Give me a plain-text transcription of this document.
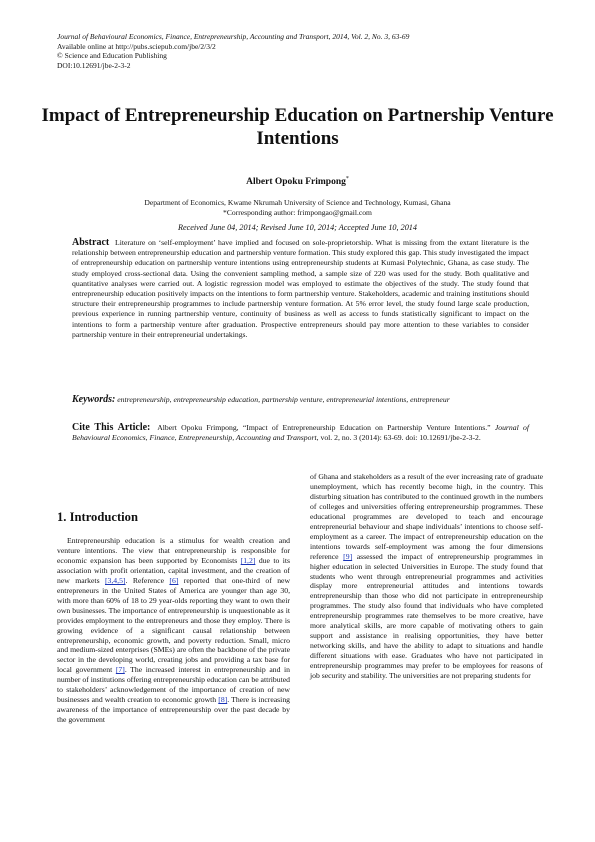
Journal of Behavioural Economics, Finance, Entrepreneurship, Accounting and Transport, 2014, Vol. 2, No. 3, 63-69
Available online at http://pubs.sciepub.com/jbe/2/3/2
© Science and Education Publishing
DOI:10.12691/jbe-2-3-2
Impact of Entrepreneurship Education on Partnership Venture Intentions
Albert Opoku Frimpong*
Department of Economics, Kwame Nkrumah University of Science and Technology, Kumasi, Ghana
*Corresponding author: frimpongao@gmail.com
Received June 04, 2014; Revised June 10, 2014; Accepted June 10, 2014
Abstract Literature on ‘self-employment’ have implied and focused on sole-proprietorship. What is missing from the extant literature is the relationship between entrepreneurship education and partnership venture formation. This study explored this gap. This study investigated the impact of entrepreneurship education on partnership venture intentions using entrepreneurship students at Kumasi Polytechnic, Ghana, as case study. The study employed cross-sectional data. Using the convenient sampling method, a sample size of 220 was used for the study. Both qualitative and quantitative analyses were carried out. A logistic regression model was employed to estimate the objectives of the study. The study found that entrepreneurship education positively impacts on the intentions to form partnership venture. Stakeholders, academic and training institutions should structure their entrepreneurship programmes to include partnership venture formation. At 5% error level, the study found large scale production, previous experience in running partnership venture, continuity of business as well as access to funds statistically significant to impact on the intentions to form a partnership venture after graduation. Prospective entrepreneurs should pay more attention to these variables to consider partnership venture in their entrepreneurial undertakings.
Keywords: entrepreneurship, entrepreneurship education, partnership venture, entrepreneurial intentions, entrepreneur
Cite This Article: Albert Opoku Frimpong, “Impact of Entrepreneurship Education on Partnership Venture Intentions.” Journal of Behavioural Economics, Finance, Entrepreneurship, Accounting and Transport, vol. 2, no. 3 (2014): 63-69. doi: 10.12691/jbe-2-3-2.
1. Introduction

Entrepreneurship education is a stimulus for wealth creation and venture intentions. The view that entrepreneurship is responsible for economic expansion has been supported by Economists [1,2] due to its association with profit orientation, capital investment, and the creation of new markets [3,4,5]. Reference [6] reported that one-third of new entrepreneurs in the United States of America are younger than age 30, with more than 60% of 18 to 29 year-olds reporting they want to own their own businesses. The importance of entrepreneurship is unquestionable as it provides employment to the entrepreneurs and those they employ. There is growing evidence of a significant causal relationship between entrepreneurship, economic growth, and poverty reduction. Small, micro and medium-sized enterprises (SMEs) are often the backbone of the private sector in the developing world, creating jobs and providing a tax base for local government [7]. The increased interest in entrepreneurship and in number of institutions offering entrepreneurship education can be attributed to stakeholders’ acknowledgement of the importance of creation of new businesses and wealth creation to economic growth [8]. There is increasing awareness of the importance of entrepreneurship over the past decade by the government

of Ghana and stakeholders as a result of the ever increasing rate of graduate unemployment, which has recently become high, in the country. This disturbing situation has contributed to the continued growth in the numbers of colleges and universities offering entrepreneurship programmes. These educational programmes are developed to teach and encourage entrepreneurial behaviour and shape individuals’ intentions to choose self-employment as a career. The impact of entrepreneurship education on the intentions towards self-employment was among the four dimensions reference [9] assessed the impact of entrepreneurship programmes in higher education in selected Universities in Europe. The study found that students who went through entrepreneurial programmes and activities display more entrepreneurial attitudes and intentions towards entrepreneurship than those who did not participate in entrepreneurship programmes. The study also found that individuals who have completed entrepreneurship programmes rate themselves to be more creative, have more analytical skills, are more capable of motivating others to gain support and assistance in realising opportunities, they have better networking skills, and have the ability to adapt to situations and handle different situations with ease. Graduates who have not participated in entrepreneurship programmes may prefer to be employees for reasons of job security and stability. The universities are not preparing students for
